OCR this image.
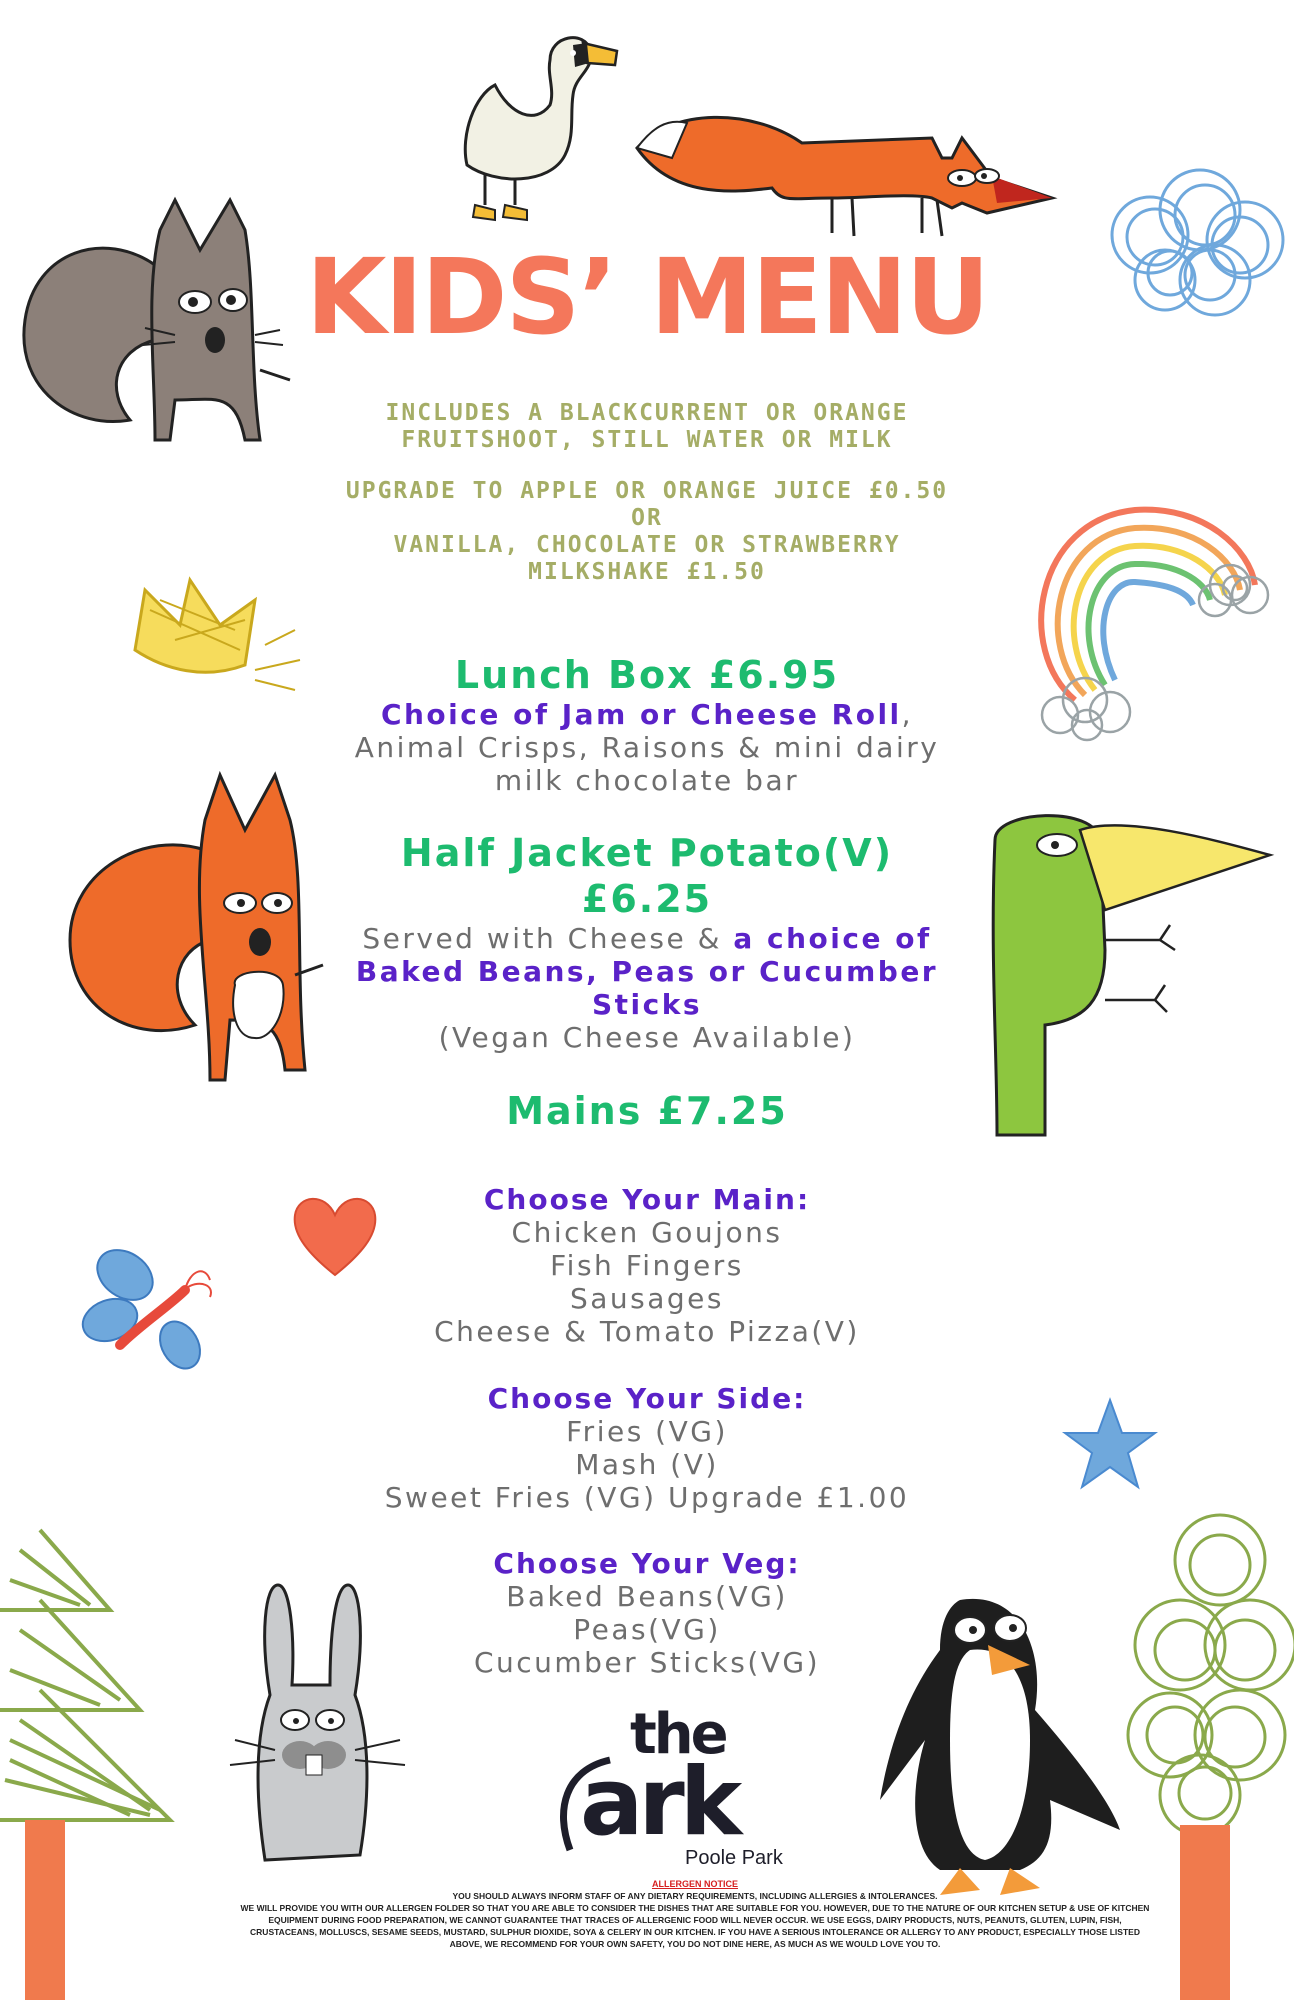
KIDS’ MENU
INCLUDES A BLACKCURRENT OR ORANGE
FRUITSHOOT, STILL WATER OR MILK
UPGRADE TO APPLE OR ORANGE JUICE £0.50
OR
VANILLA, CHOCOLATE OR STRAWBERRY
MILKSHAKE £1.50
Lunch Box £6.95
Choice of Jam or Cheese Roll,
Animal Crisps, Raisons & mini dairy
milk chocolate bar
Half Jacket Potato(V)
£6.25
Served with Cheese & a choice of
Baked Beans, Peas or Cucumber
Sticks
(Vegan Cheese Available)
Mains £7.25
Choose Your Main:
Chicken Goujons
Fish Fingers
Sausages
Cheese & Tomato Pizza(V)
Choose Your Side:
Fries (VG)
Mash (V)
Sweet Fries (VG) Upgrade £1.00
Choose Your Veg:
Baked Beans(VG)
Peas(VG)
Cucumber Sticks(VG)
the
ark
Poole Park
ALLERGEN NOTICE
YOU SHOULD ALWAYS INFORM STAFF OF ANY DIETARY REQUIREMENTS, INCLUDING ALLERGIES & INTOLERANCES.
WE WILL PROVIDE YOU WITH OUR ALLERGEN FOLDER SO THAT YOU ARE ABLE TO CONSIDER THE DISHES THAT ARE SUITABLE FOR YOU. HOWEVER, DUE TO THE NATURE OF OUR KITCHEN SETUP & USE OF KITCHEN
EQUIPMENT DURING FOOD PREPARATION, WE CANNOT GUARANTEE THAT TRACES OF ALLERGENIC FOOD WILL NEVER OCCUR. WE USE EGGS, DAIRY PRODUCTS, NUTS, PEANUTS, GLUTEN, LUPIN, FISH,
CRUSTACEANS, MOLLUSCS, SESAME SEEDS, MUSTARD, SULPHUR DIOXIDE, SOYA & CELERY IN OUR KITCHEN. IF YOU HAVE A SERIOUS INTOLERANCE OR ALLERGY TO ANY PRODUCT, ESPECIALLY THOSE LISTED
ABOVE, WE RECOMMEND FOR YOUR OWN SAFETY, YOU DO NOT DINE HERE, AS MUCH AS WE WOULD LOVE YOU TO.
